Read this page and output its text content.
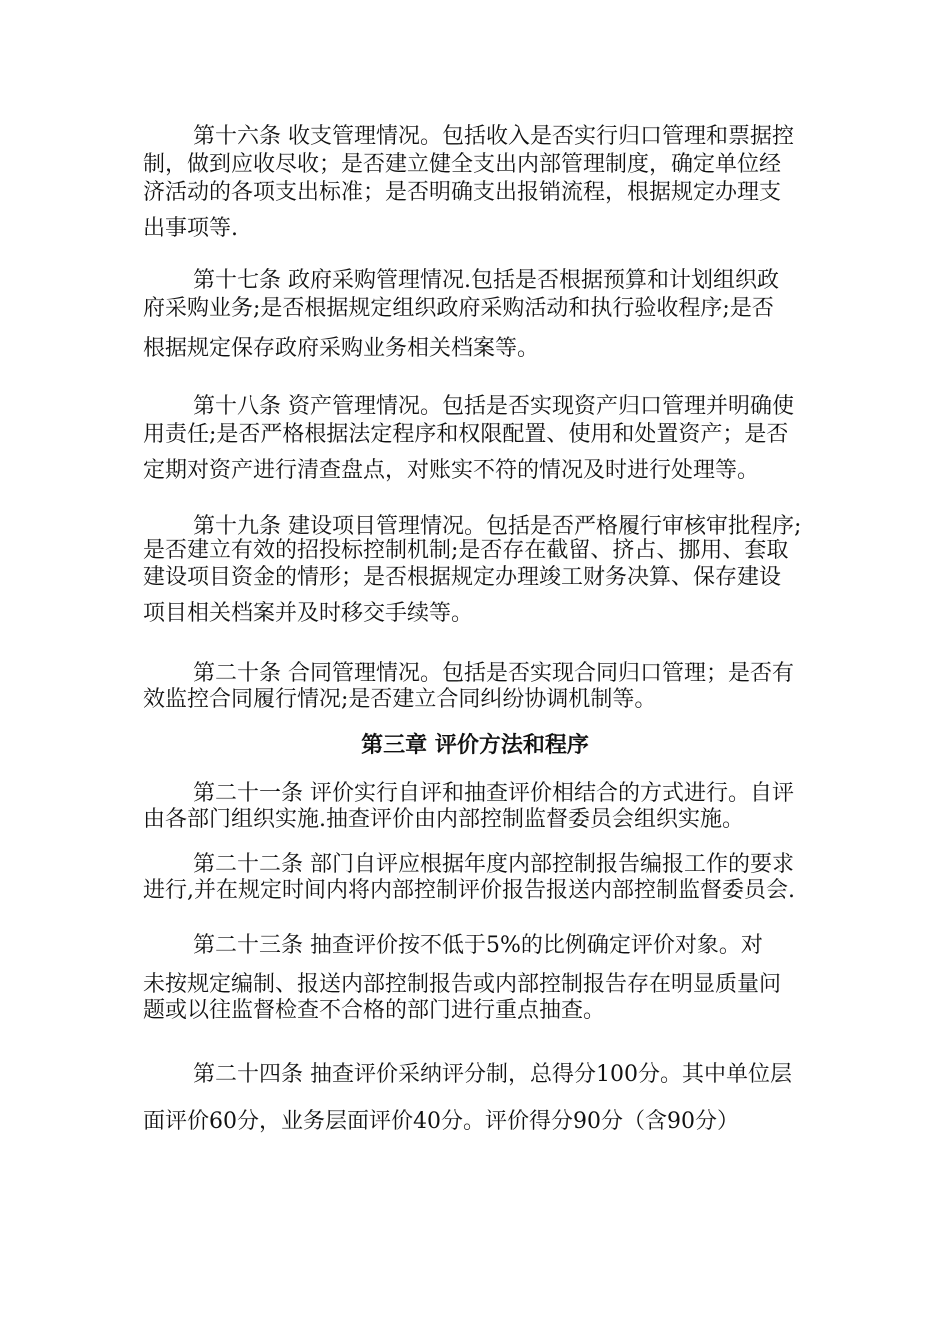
第十六条 收支管理情况。包括收入是否实行归口管理和票据控
制，做到应收尽收；是否建立健全支出内部管理制度，确定单位经
济活动的各项支出标准；是否明确支出报销流程，根据规定办理支
出事项等.
第十七条 政府采购管理情况.包括是否根据预算和计划组织政
府采购业务;是否根据规定组织政府采购活动和执行验收程序;是否
根据规定保存政府采购业务相关档案等。
第十八条 资产管理情况。包括是否实现资产归口管理并明确使
用责任;是否严格根据法定程序和权限配置、使用和处置资产；是否
定期对资产进行清查盘点，对账实不符的情况及时进行处理等。
第十九条 建设项目管理情况。包括是否严格履行审核审批程序;
是否建立有效的招投标控制机制;是否存在截留、挤占、挪用、套取
建设项目资金的情形；是否根据规定办理竣工财务决算、保存建设
项目相关档案并及时移交手续等。
第二十条 合同管理情况。包括是否实现合同归口管理；是否有
效监控合同履行情况;是否建立合同纠纷协调机制等。
第三章 评价方法和程序
第二十一条 评价实行自评和抽查评价相结合的方式进行。自评
由各部门组织实施.抽查评价由内部控制监督委员会组织实施。
第二十二条 部门自评应根据年度内部控制报告编报工作的要求
进行,并在规定时间内将内部控制评价报告报送内部控制监督委员会.
第二十三条 抽查评价按不低于5%的比例确定评价对象。对
未按规定编制、报送内部控制报告或内部控制报告存在明显质量问
题或以往监督检查不合格的部门进行重点抽查。
第二十四条 抽查评价采纳评分制，总得分100分。其中单位层
面评价60分，业务层面评价40分。评价得分90分（含90分）
